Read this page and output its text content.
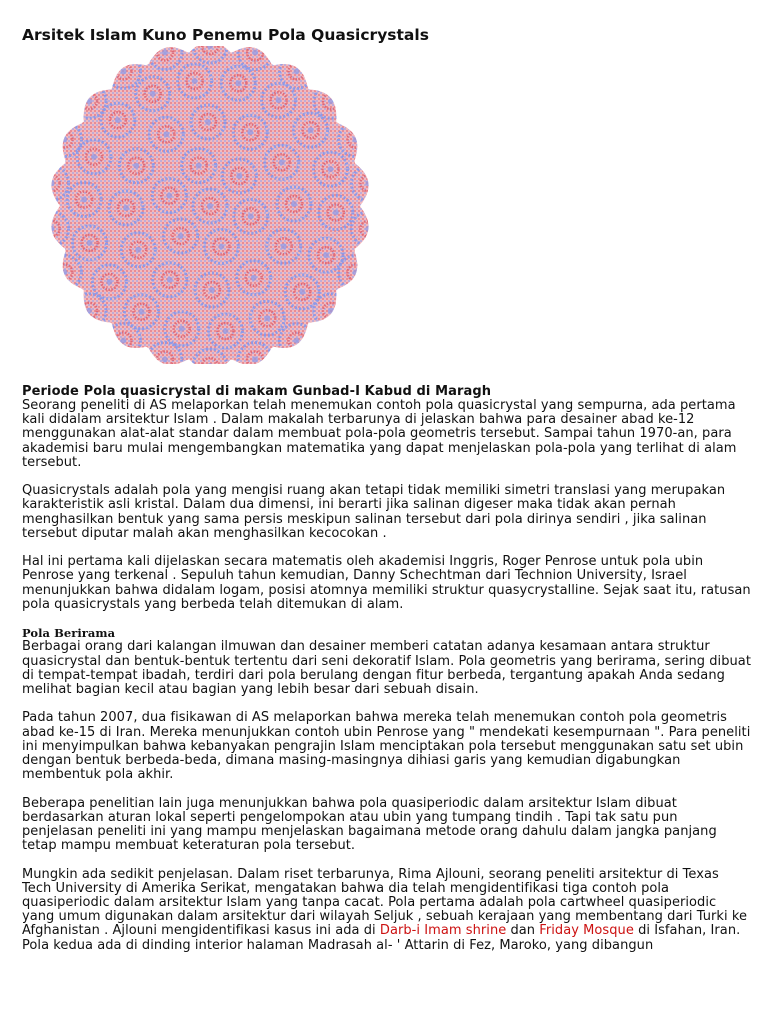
Arsitek Islam Kuno Penemu Pola Quasicrystals
Periode Pola quasicrystal di makam Gunbad-I Kabud di Maragh

Seorang peneliti di AS melaporkan telah menemukan contoh pola quasicrystal yang sempurna, ada pertama kali didalam arsitektur Islam . Dalam makalah terbarunya di jelaskan bahwa para desainer abad ke-12 menggunakan alat-alat standar dalam membuat pola-pola geometris tersebut. Sampai tahun 1970-an, para akademisi baru mulai mengembangkan matematika yang dapat menjelaskan pola-pola yang terlihat di alam tersebut.

Quasicrystals adalah pola yang mengisi ruang akan tetapi tidak memiliki simetri translasi yang merupakan karakteristik asli kristal. Dalam dua dimensi, ini berarti jika salinan digeser maka tidak akan pernah menghasilkan bentuk yang sama persis meskipun salinan tersebut dari pola dirinya sendiri , jika salinan tersebut diputar malah akan menghasilkan kecocokan .

Hal ini pertama kali dijelaskan secara matematis oleh akademisi Inggris, Roger Penrose untuk pola ubin Penrose yang terkenal . Sepuluh tahun kemudian, Danny Schechtman dari Technion University, Israel menunjukkan bahwa didalam logam, posisi atomnya memiliki struktur quasycrystalline. Sejak saat itu, ratusan pola quasicrystals yang berbeda telah ditemukan di alam.

Pola Berirama

Berbagai orang dari kalangan ilmuwan dan desainer memberi catatan adanya kesamaan antara struktur quasicrystal dan bentuk-bentuk tertentu dari seni dekoratif Islam. Pola geometris yang berirama, sering dibuat di tempat-tempat ibadah, terdiri dari pola berulang dengan fitur berbeda, tergantung apakah Anda sedang melihat bagian kecil atau bagian yang lebih besar dari sebuah disain.

Pada tahun 2007, dua fisikawan di AS melaporkan bahwa mereka telah menemukan contoh pola geometris abad ke-15 di Iran. Mereka menunjukkan contoh ubin Penrose yang " mendekati kesempurnaan ". Para peneliti ini menyimpulkan bahwa kebanyakan pengrajin Islam menciptakan pola tersebut menggunakan satu set ubin dengan bentuk berbeda-beda, dimana masing-masingnya dihiasi garis yang kemudian digabungkan membentuk pola akhir.

Beberapa penelitian lain juga menunjukkan bahwa pola quasiperiodic dalam arsitektur Islam dibuat berdasarkan aturan lokal seperti pengelompokan atau ubin yang tumpang tindih . Tapi tak satu pun penjelasan peneliti ini yang mampu menjelaskan bagaimana metode orang dahulu dalam jangka panjang tetap mampu membuat keteraturan pola tersebut.

Mungkin ada sedikit penjelasan. Dalam riset terbarunya, Rima Ajlouni, seorang peneliti arsitektur di Texas Tech University di Amerika Serikat, mengatakan bahwa dia telah mengidentifikasi tiga contoh pola quasiperiodic dalam arsitektur Islam yang tanpa cacat. Pola pertama adalah pola cartwheel quasiperiodic yang umum digunakan dalam arsitektur dari wilayah Seljuk , sebuah kerajaan yang membentang dari Turki ke Afghanistan . Ajlouni mengidentifikasi kasus ini ada di Darb-i Imam shrine dan Friday Mosque di Isfahan, Iran. Pola kedua ada di dinding interior halaman Madrasah al- ' Attarin di Fez, Maroko, yang dibangun
